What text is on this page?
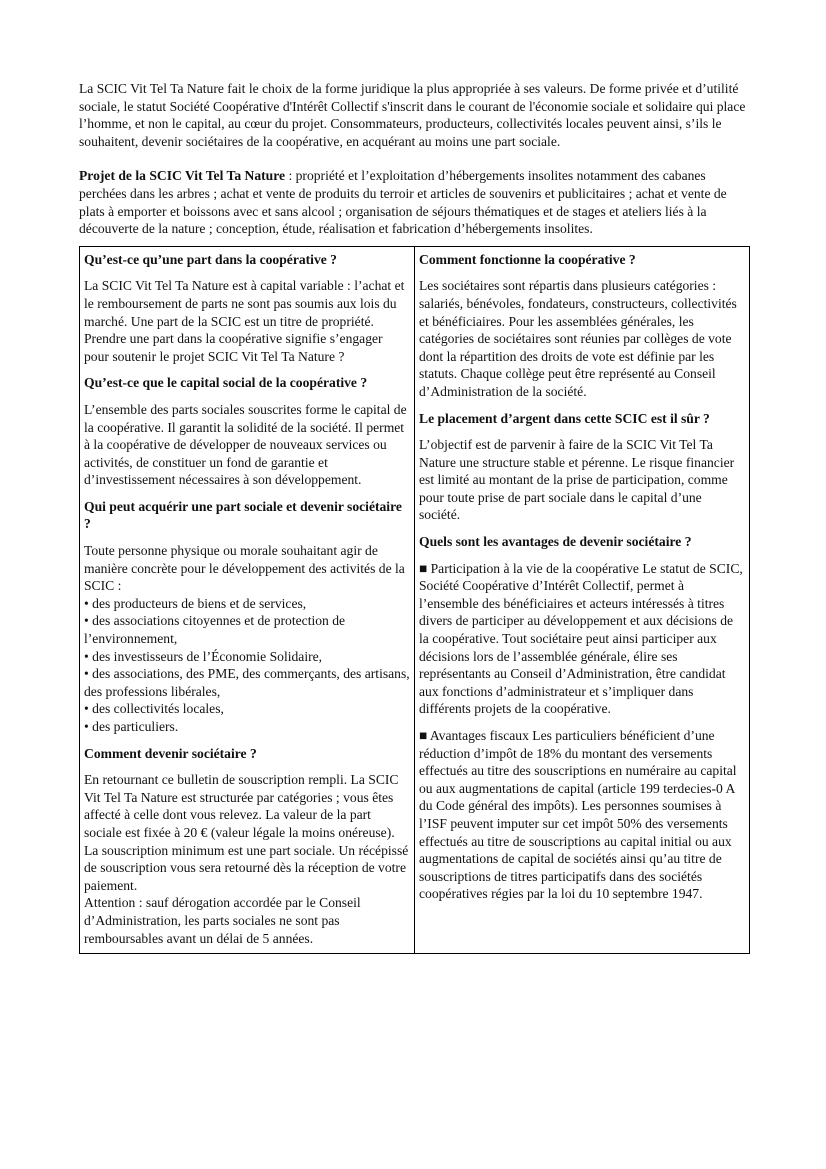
La SCIC Vit Tel Ta Nature fait le choix de la forme juridique la plus appropriée à ses valeurs. De forme privée et d’utilité sociale, le statut Société Coopérative d'Intérêt Collectif s'inscrit dans le courant de l'économie sociale et solidaire qui place l’homme, et non le capital, au cœur du projet. Consommateurs, producteurs, collectivités locales peuvent ainsi, s’ils le souhaitent, devenir sociétaires de la coopérative, en acquérant au moins une part sociale.

Projet de la SCIC Vit Tel Ta Nature : propriété et l’exploitation d’hébergements insolites notamment des cabanes perchées dans les arbres ; achat et vente de produits du terroir et articles de souvenirs et publicitaires ; achat et vente de plats à emporter et boissons avec et sans alcool ; organisation de séjours thématiques et de stages et ateliers liés à la découverte de la nature ; conception, étude, réalisation et fabrication d’hébergements insolites.

Qu’est-ce qu’une part dans la coopérative ?

La SCIC Vit Tel Ta Nature est à capital variable : l’achat et le remboursement de parts ne sont pas soumis aux lois du marché. Une part de la SCIC est un titre de propriété. Prendre une part dans la coopérative signifie s’engager pour soutenir le projet SCIC Vit Tel Ta Nature ?

Qu’est-ce que le capital social de la coopérative ?

L’ensemble des parts sociales souscrites forme le capital de la coopérative. Il garantit la solidité de la société. Il permet à la coopérative de développer de nouveaux services ou activités, de constituer un fond de garantie et d’investissement nécessaires à son développement.

Qui peut acquérir une part sociale et devenir sociétaire ?

Toute personne physique ou morale souhaitant agir de manière concrète pour le développement des activités de la SCIC :
• des producteurs de biens et de services,
• des associations citoyennes et de protection de l’environnement,
• des investisseurs de l’Économie Solidaire,
• des associations, des PME, des commerçants, des artisans, des professions libérales,
• des collectivités locales,
• des particuliers.

Comment devenir sociétaire ?

En retournant ce bulletin de souscription rempli. La SCIC Vit Tel Ta Nature est structurée par catégories ; vous êtes affecté à celle dont vous relevez. La valeur de la part sociale est fixée à 20 € (valeur légale la moins onéreuse). La souscription minimum est une part sociale. Un récépissé de souscription vous sera retourné dès la réception de votre paiement.
Attention : sauf dérogation accordée par le Conseil d’Administration, les parts sociales ne sont pas remboursables avant un délai de 5 années.

Comment fonctionne la coopérative ?

Les sociétaires sont répartis dans plusieurs catégories : salariés, bénévoles, fondateurs, constructeurs, collectivités et bénéficiaires. Pour les assemblées générales, les catégories de sociétaires sont réunies par collèges de vote dont la répartition des droits de vote est définie par les statuts. Chaque collège peut être représenté au Conseil d’Administration de la société.

Le placement d’argent dans cette SCIC est il sûr ?

L’objectif est de parvenir à faire de la SCIC Vit Tel Ta Nature une structure stable et pérenne. Le risque financier est limité au montant de la prise de participation, comme pour toute prise de part sociale dans le capital d’une société.

Quels sont les avantages de devenir sociétaire ?

■ Participation à la vie de la coopérative Le statut de SCIC, Société Coopérative d’Intérêt Collectif, permet à l’ensemble des bénéficiaires et acteurs intéressés à titres divers de participer au développement et aux décisions de la coopérative. Tout sociétaire peut ainsi participer aux décisions lors de l’assemblée générale, élire ses représentants au Conseil d’Administration, être candidat aux fonctions d’administrateur et s’impliquer dans différents projets de la coopérative.

■ Avantages fiscaux Les particuliers bénéficient d’une réduction d’impôt de 18% du montant des versements effectués au titre des souscriptions en numéraire au capital ou aux augmentations de capital (article 199 terdecies-0 A du Code général des impôts). Les personnes soumises à l’ISF peuvent imputer sur cet impôt 50% des versements effectués au titre de souscriptions au capital initial ou aux augmentations de capital de sociétés ainsi qu’au titre de souscriptions de titres participatifs dans des sociétés coopératives régies par la loi du 10 septembre 1947.
